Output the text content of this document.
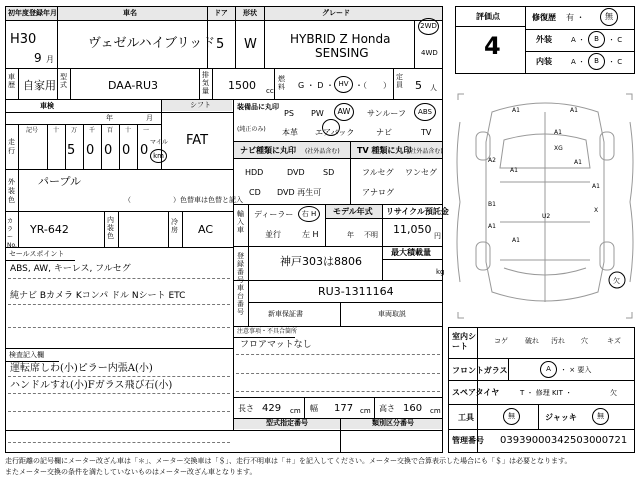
初年度登録年月	車名	ドア 形状	グレード
H30
9 月
ヴェゼルハイブリッド 5 W	HYBRID Z Honda
SENSING
2WD
4WD
車歴 自家用
型式	DAA-RU3
排気量 1500 cc
燃料 G ・ D ・ HV ・（　　）
定員 5 人
車検
年	月
シフト
FAT
走行
記号 十 万 千 百 十 一
5 0 0 0 0
マイル
km
外装色
パープル
（　　　　　　）色替車は色替と記入
カラーNo.
YR-642
内装色
冷房 AC
セールスポイント
ABS, AW, キーレス, フルセグ
純ナビ Bカメラ Kコンパ ドル Nシート ETC
検査記入欄
運転席しわ(小)ピラー内張A(小)
ハンドルすれ(小)Fガラス飛び石(小)
装備品に丸印
(純正のみ)
PS PW	AW	サンルーフ	ABS
本革 エアバック	ナビ	TV
ナビ種類に丸印 (社外品含む) TV 種類に丸印
(社外品含む)
HDD	DVD SD
CD DVD 再生可
フルセグ ワンセグ
アナログ
輸入車
ディーラー	右 H
並行	左 H
モデル年式
年 不明
リサイクル預託金
11,050 円
登録番号
神戸303は8806
最大積載量
kg
車台番号
RU3-1311164
新車保証書	車両取説
注意事項・不具合箇所
フロアマットなし
長さ 429 cm 幅 177 cm 高さ 160 cm
型式指定番号	類別区分番号
評価点
4
修復歴 有 ・	無
外装	A ・	B	・ C
内装	A ・	B	・ C
A1	A1
A1
A2	A1
B1
U2
A1
A1
X
A1
XG
A1
欠
室内シート
コゲ 破れ 汚れ 穴	キズ
フロントガラス	A	・ × 要入
スペアタイヤ	T ・ 修理 KIT ・	欠
工具	無	ジャッキ	無
管理番号 03939000342503000721
走行距離の記号欄にメーター改ざん車は「＊」、メーター交換車は「＄」、走行不明車は「＃」を記入してください。メーター交換で合算表示した場合にも「＄」は必要となります。
またメーター交換の条件を満たしていないものはメーター改ざん車となります。
